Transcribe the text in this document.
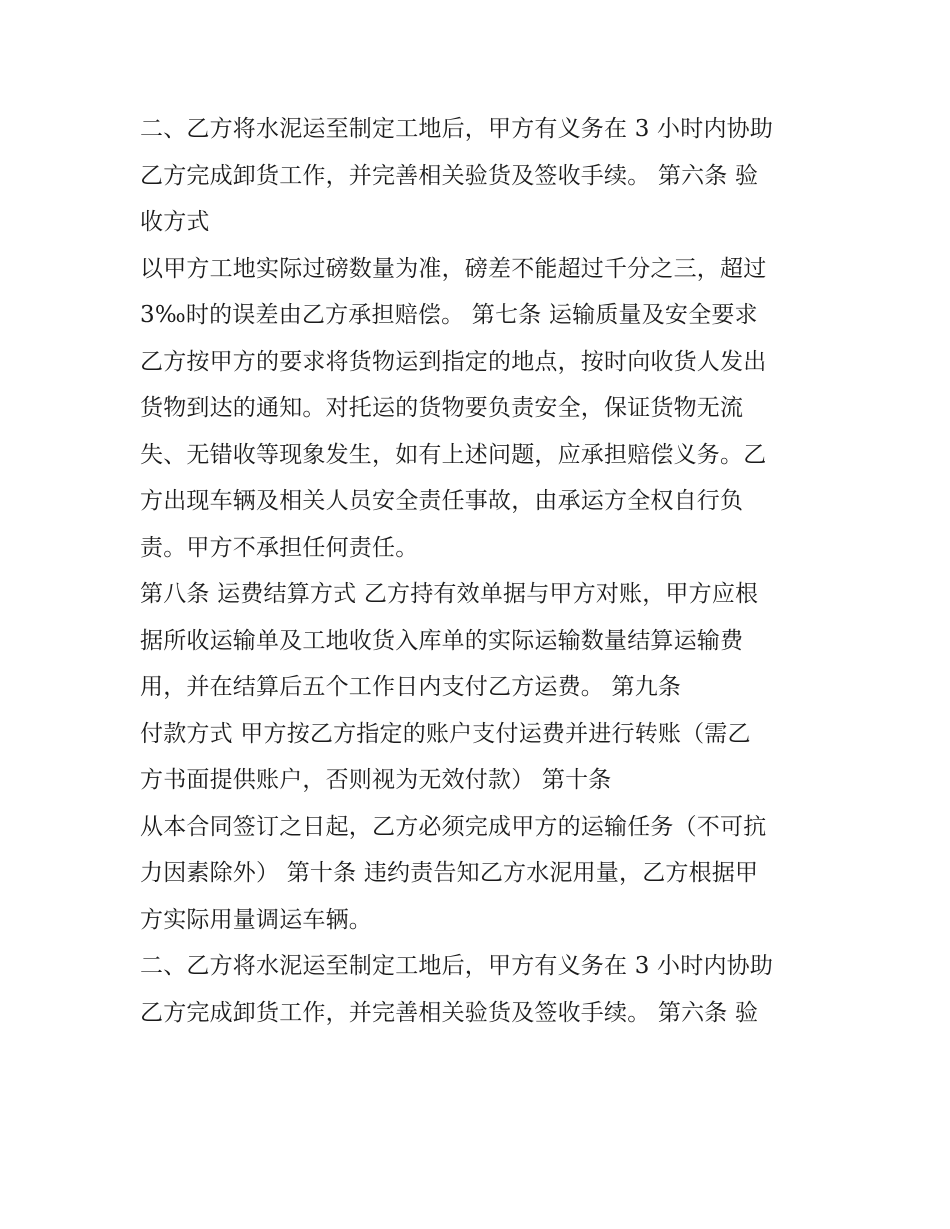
二、乙方将水泥运至制定工地后，甲方有义务在 3 小时内协助
乙方完成卸货工作，并完善相关验货及签收手续。 第六条 验
收方式
以甲方工地实际过磅数量为准，磅差不能超过千分之三，超过
3‰时的误差由乙方承担赔偿。 第七条 运输质量及安全要求
乙方按甲方的要求将货物运到指定的地点，按时向收货人发出
货物到达的通知。对托运的货物要负责安全，保证货物无流
失、无错收等现象发生，如有上述问题，应承担赔偿义务。乙
方出现车辆及相关人员安全责任事故，由承运方全权自行负
责。甲方不承担任何责任。
第八条 运费结算方式 乙方持有效单据与甲方对账，甲方应根
据所收运输单及工地收货入库单的实际运输数量结算运输费
用，并在结算后五个工作日内支付乙方运费。 第九条
付款方式 甲方按乙方指定的账户支付运费并进行转账（需乙
方书面提供账户，否则视为无效付款） 第十条
从本合同签订之日起，乙方必须完成甲方的运输任务（不可抗
力因素除外） 第十条 违约责告知乙方水泥用量，乙方根据甲
方实际用量调运车辆。
二、乙方将水泥运至制定工地后，甲方有义务在 3 小时内协助
乙方完成卸货工作，并完善相关验货及签收手续。 第六条 验
